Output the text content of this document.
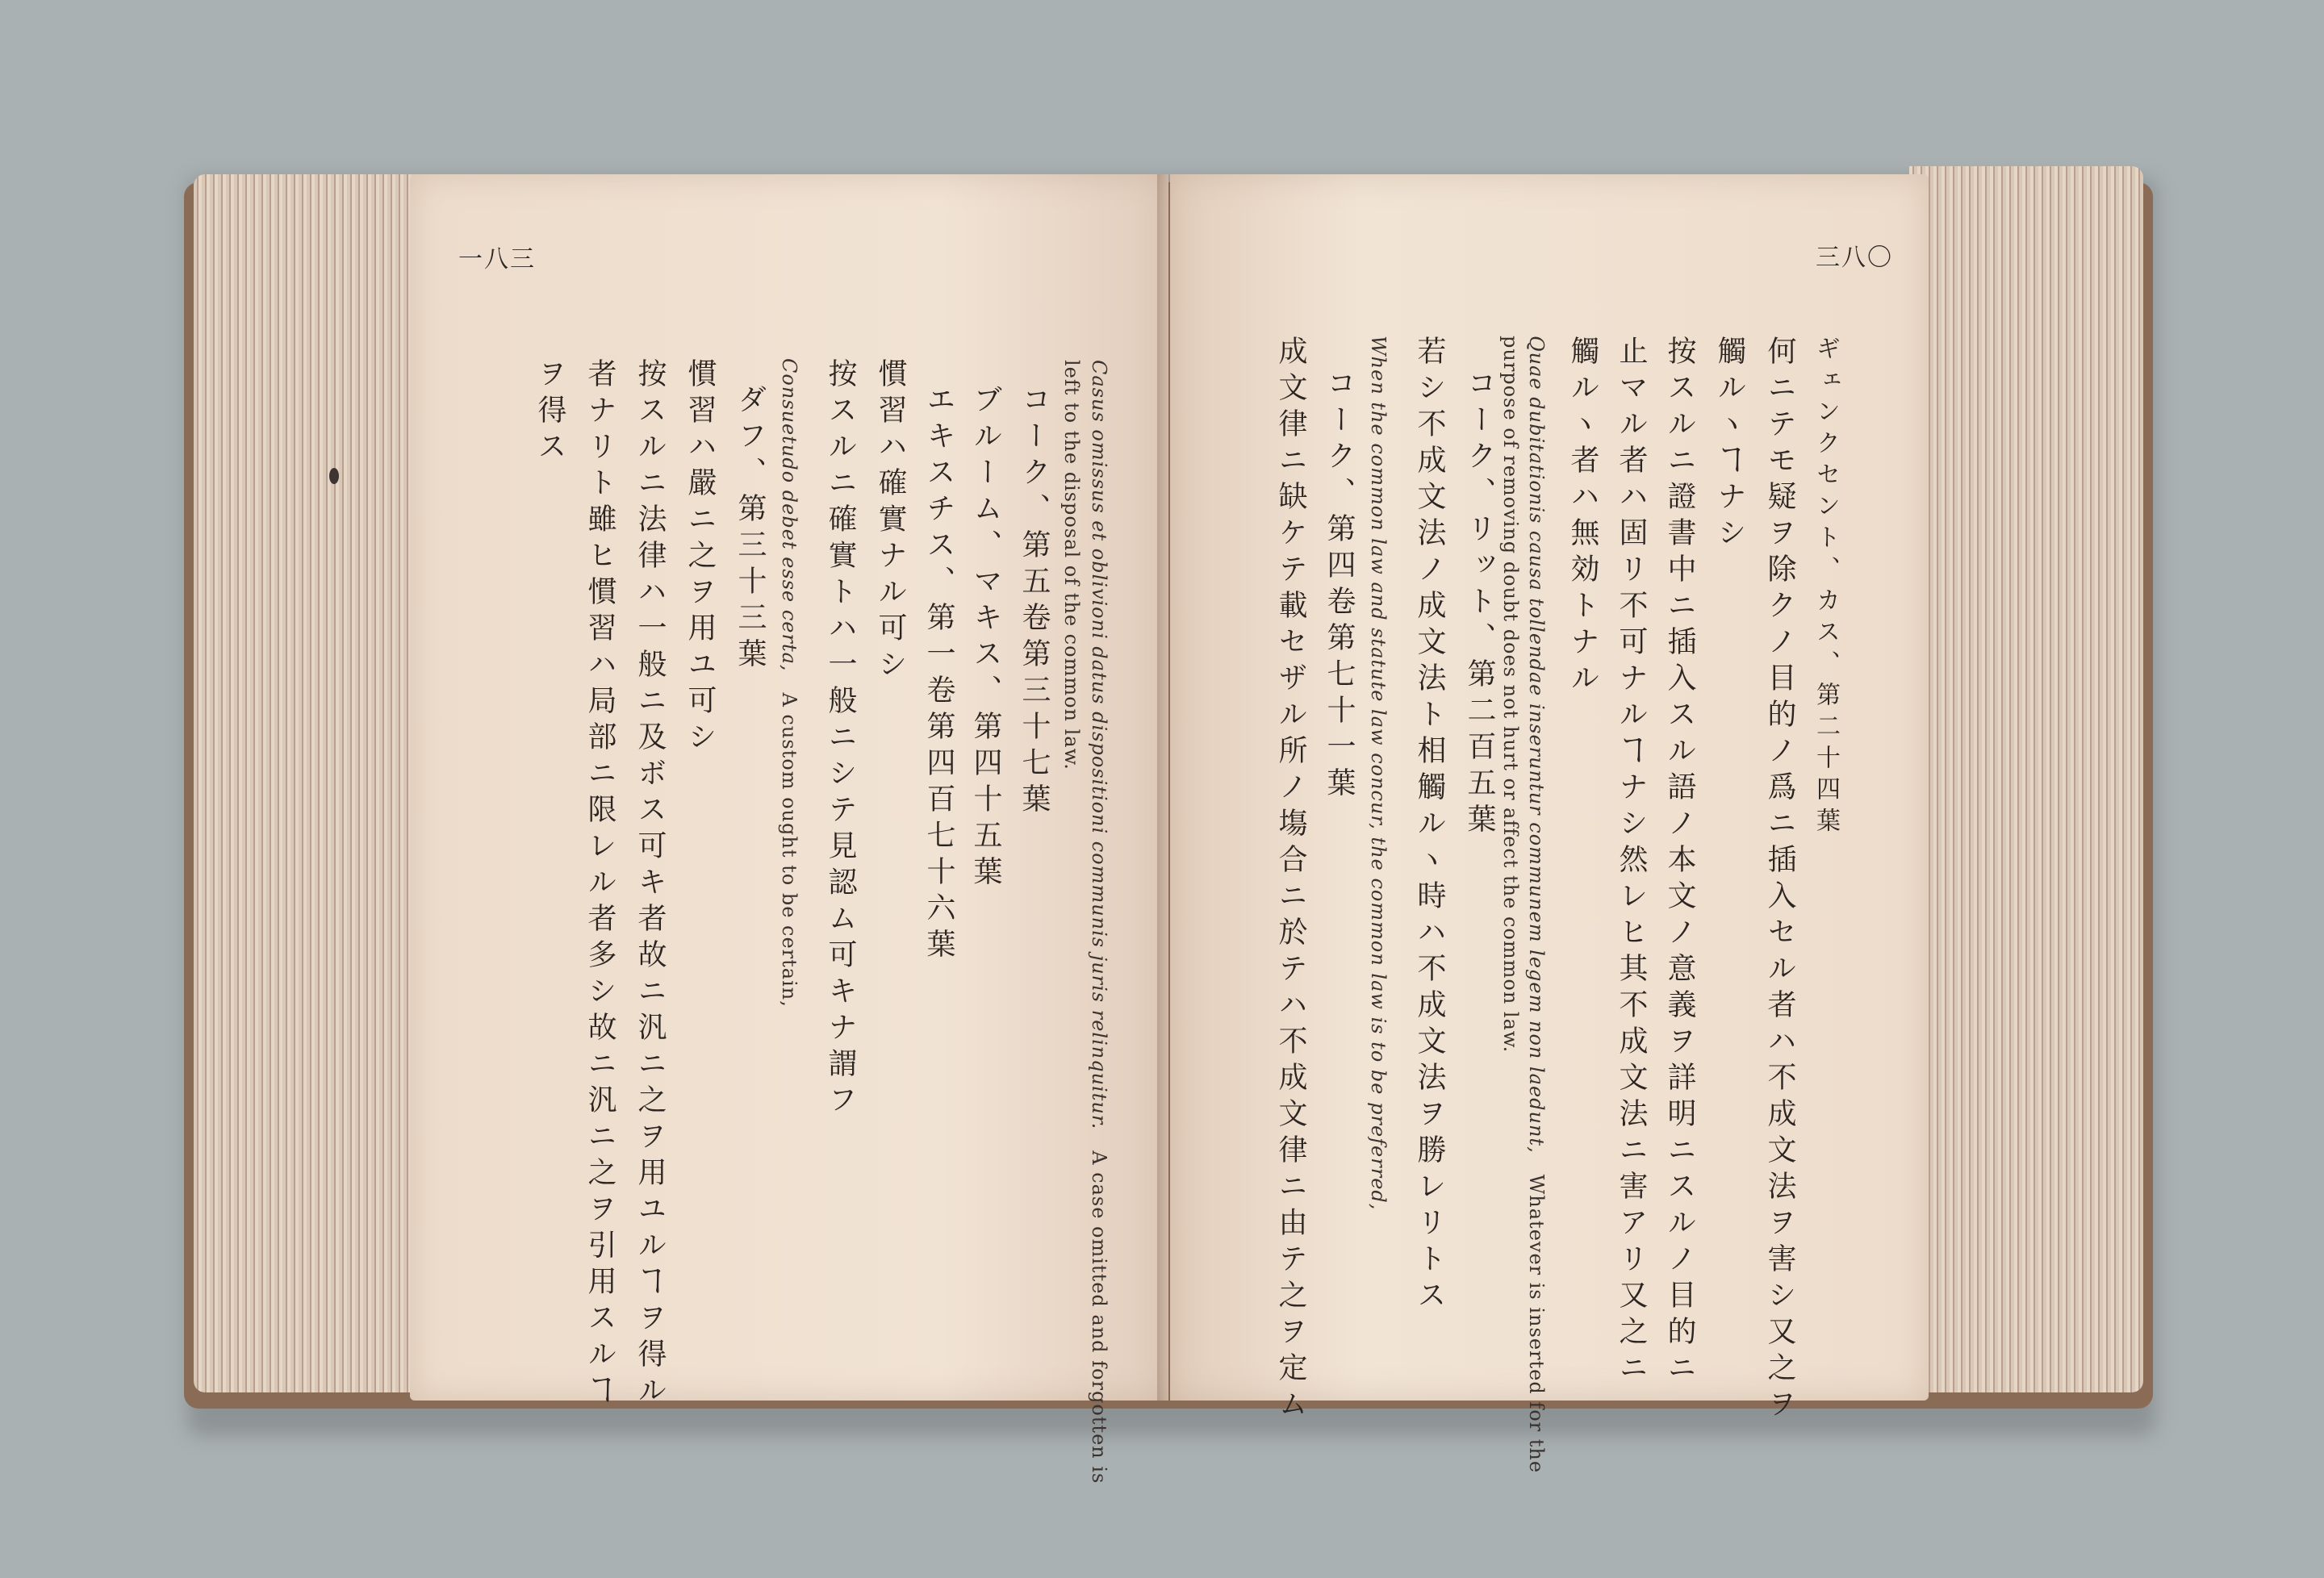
一八三
Casus omissus et oblivioni datus dispositioni communis juris relinquitur.   A case omitted and forgotten is
left to the disposal of the common law.
コーク、第五卷第三十七葉
ブルーム、マキス、第四十五葉
エキスチス、第一卷第四百七十六葉
慣習ハ確實ナル可シ
按スルニ確實トハ一般ニシテ見認ム可キナ謂フ
Consuetudo debet esse certa,   A custom ought to be certain,
ダフ、第三十三葉
慣習ハ嚴ニ之ヲ用ユ可シ
按スルニ法律ハ一般ニ及ボス可キ者故ニ汎ニ之ヲ用ユルヿヲ得ル
者ナリト雖ヒ慣習ハ局部ニ限レル者多シ故ニ汎ニ之ヲ引用スルヿ
ヲ得ス
三八〇
ギェンクセント、カス、第二十四葉
何ニテモ疑ヲ除クノ目的ノ爲ニ插入セル者ハ不成文法ヲ害シ又之ヲ
觸ルヽヿナシ
按スルニ證書中ニ插入スル語ノ本文ノ意義ヲ詳明ニスルノ目的ニ
止マル者ハ固リ不可ナルヿナシ然レヒ其不成文法ニ害アリ又之ニ
觸ルヽ者ハ無効トナル
Quae dubitationis causa tollendae inseruntur communem legem non laedunt,   Whatever is inserted for the
purpose of removing doubt does not hurt or affect the common law.
コーク、リット、第二百五葉
若シ不成文法ノ成文法ト相觸ルヽ時ハ不成文法ヲ勝レリトス
When the common law and statute law concur, the common law is to be preferred,
コーク、第四卷第七十一葉
成文律ニ缺ケテ載セザル所ノ塲合ニ於テハ不成文律ニ由テ之ヲ定ム
